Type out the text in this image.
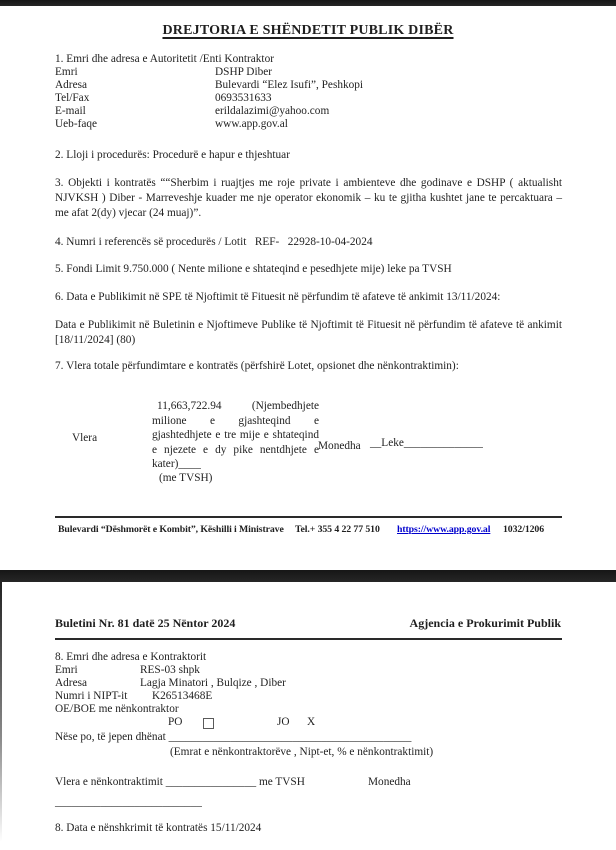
DREJTORIA E SHËNDETIT PUBLIK DIBËR
1. Emri dhe adresa e Autoritetit /Enti Kontraktor
Emri	DSHP Diber
Adresa	Bulevardi “Elez Isufi”, Peshkopi
Tel/Fax	0693531633
E-mail	erildalazimi@yahoo.com
Ueb-faqe	www.app.gov.al
2. Lloji i procedurës: Procedurë e hapur e thjeshtuar
3. Objekti i kontratës ““Sherbim i ruajtjes me roje private i ambienteve dhe godinave e DSHP ( aktualisht NJVKSH ) Diber - Marreveshje kuader me nje operator ekonomik – ku te gjitha kushtet jane te percaktuara – me afat 2(dy) vjecar (24 muaj)”.
4. Numri i referencës së procedurës / Lotit   REF-   22928-10-04-2024
5. Fondi Limit 9.750.000 ( Nente milione e shtateqind e pesedhjete mije) leke pa TVSH
6. Data e Publikimit në SPE të Njoftimit të Fituesit në përfundim të afateve të ankimit 13/11/2024:
Data e Publikimit në Buletinin e Njoftimeve Publike të Njoftimit të Fituesit në përfundim të afateve të ankimit [18/11/2024] (80)
7. Vlera totale përfundimtare e kontratës (përfshirë Lotet, opsionet dhe nënkontraktimin):
Vlera
11,663,722.94 (Njembedhjete milione e gjashteqind e gjashtedhjete e tre mije e shtateqind e njezete e dy pike nentdhjete e kater)____
(me TVSH)
Monedha __Leke______________
Bulevardi “Dëshmorët e Kombit”, Këshilli i Ministrave Tel.+ 355 4 22 77 510 https://www.app.gov.al 1032/1206
Buletini Nr. 81 datë 25 Nëntor 2024	Agjencia e Prokurimit Publik
8. Emri dhe adresa e Kontraktorit
Emri	RES-03 shpk
Adresa	Lagja Minatori , Bulqize , Diber
Numri i NIPT-it K26513468E
OE/BOE me nënkontraktor
PO	JO X
Nëse po, të jepen dhënat ___________________________________________
(Emrat e nënkontraktorëve , Nipt-et, % e nënkontraktimit)
Vlera e nënkontraktimit ________________ me TVSH	Monedha
__________________________
8. Data e nënshkrimit të kontratës 15/11/2024
